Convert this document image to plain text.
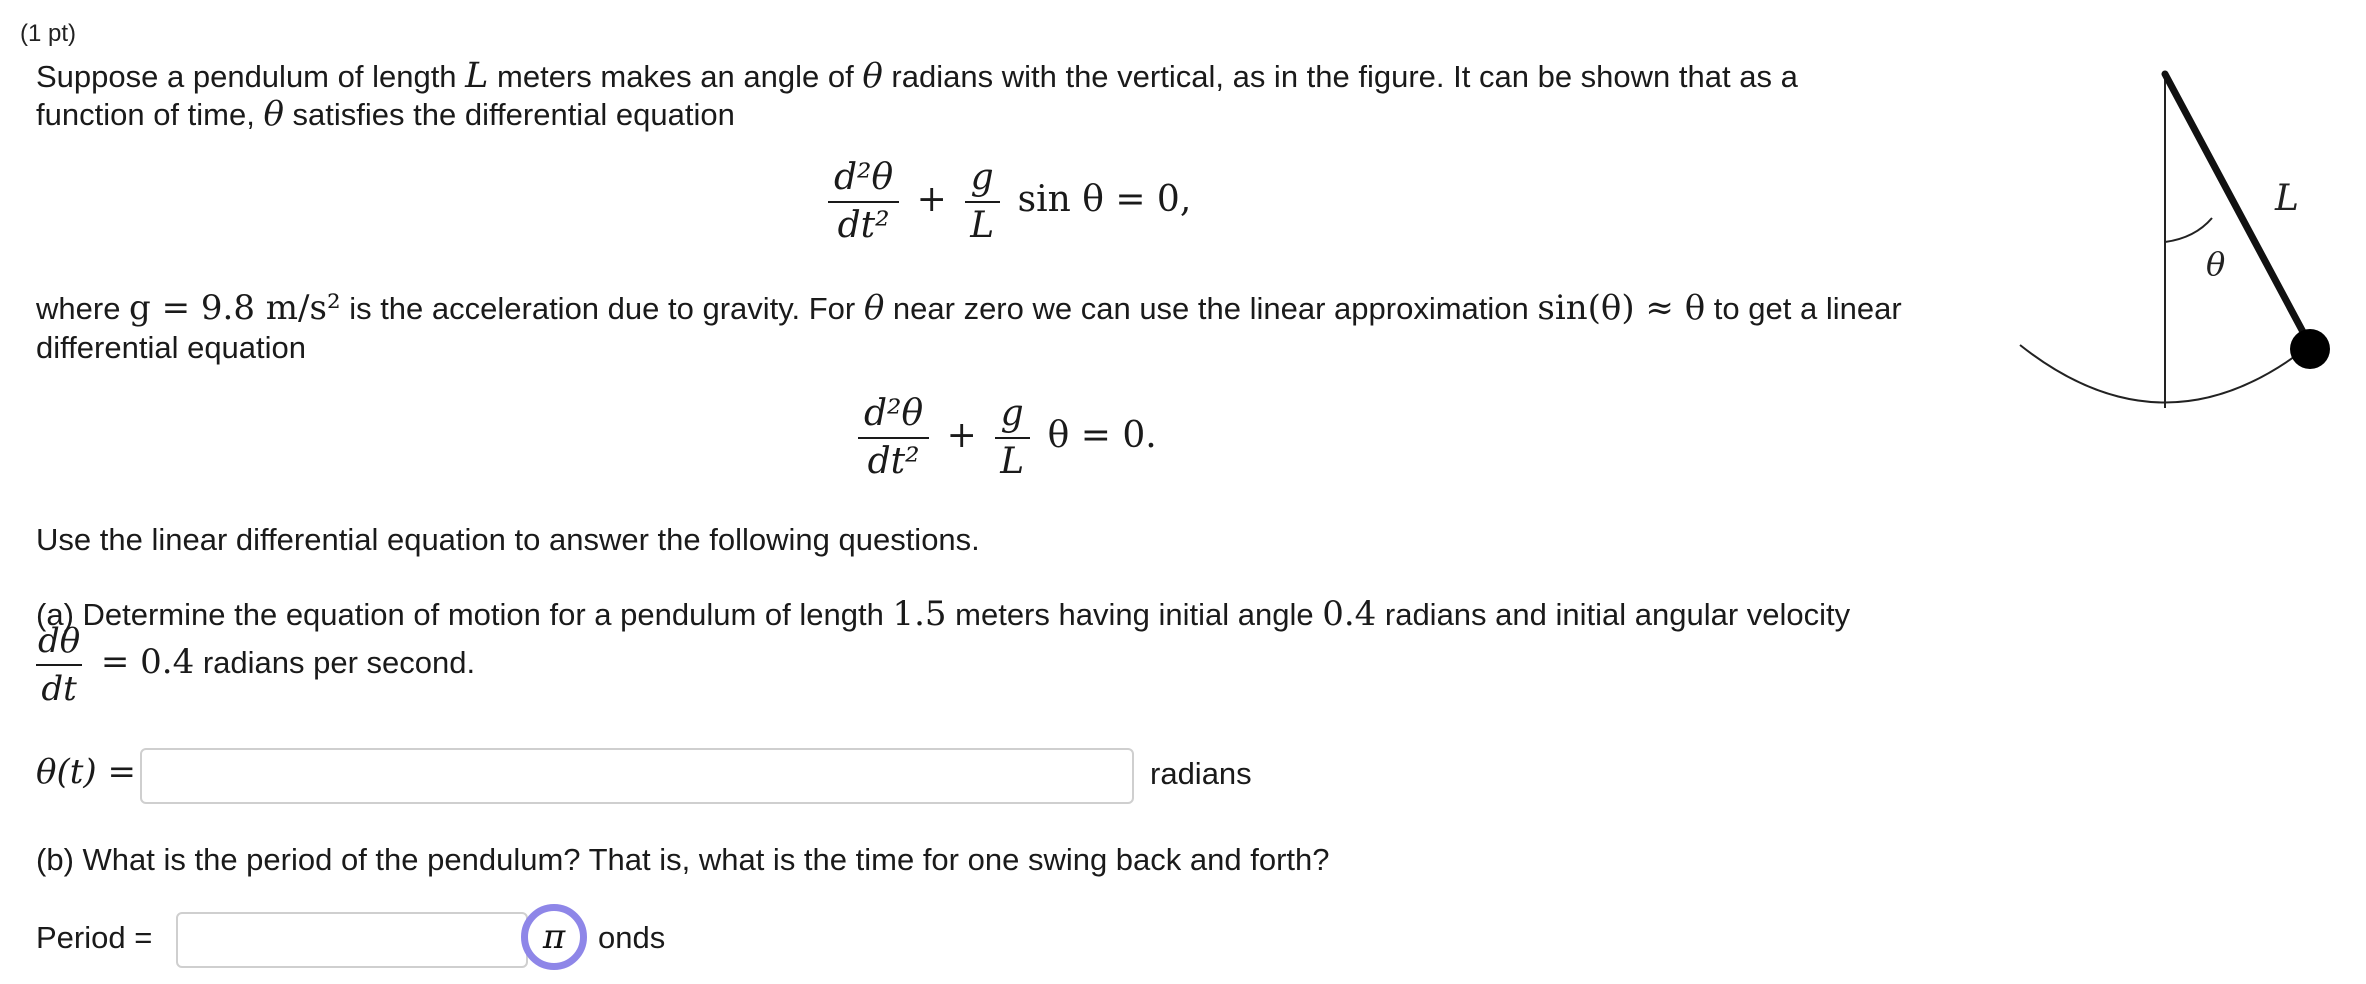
(1 pt)
Suppose a pendulum of length L meters makes an angle of θ radians with the vertical, as in the figure. It can be shown that as a
function of time, θ satisfies the differential equation
$\frac{\text{d²θ}}{\text{dt²}} + \frac{g}{L}$ sin θ = 0,
where g = 9.8 m/s² is the acceleration due to gravity. For θ near zero we can use the linear approximation sin(θ) ≈ θ to get a linear
differential equation
$\frac{\text{d²θ}}{\text{dt²}} + \frac{g}{L}$ θ = 0.
Use the linear differential equation to answer the following questions.
(a) Determine the equation of motion for a pendulum of length 1.5 meters having initial angle 0.4 radians and initial angular velocity
$\frac{d\theta}{dt} = 0.4$ radians per second.
θ(t) =	radians
(b) What is the period of the pendulum? That is, what is the time for one swing back and forth?
Period =	onds
π
L
θ
